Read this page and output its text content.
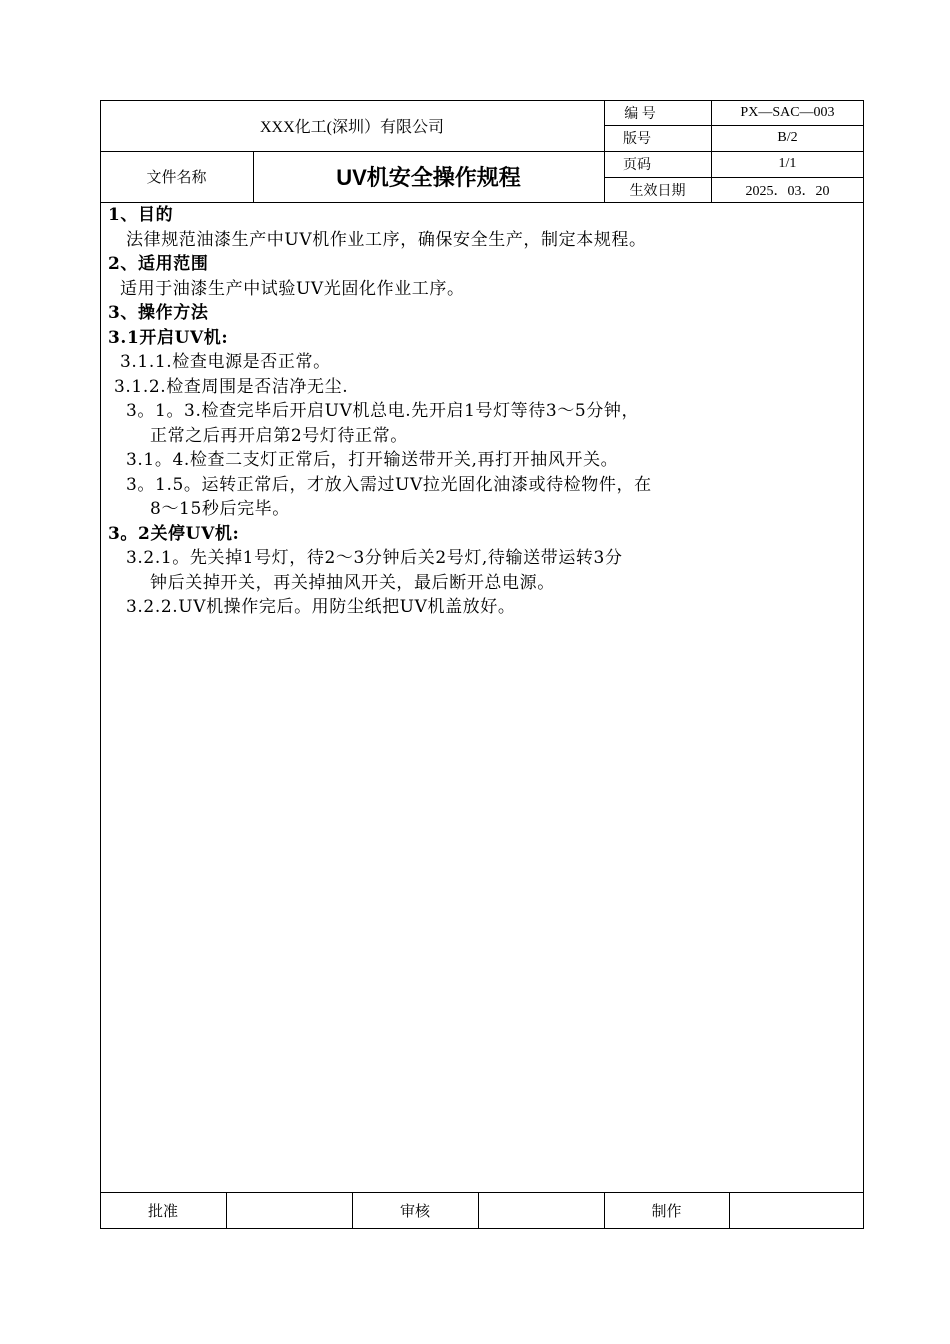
XXX化工(深圳）有限公司
文件名称	UV机安全操作规程
编 号	PX—SAC—003
版号	B/2
页码	1/1
生效日期	2025．03．20
1、目的
法律规范油漆生产中UV机作业工序，确保安全生产，制定本规程。
2、适用范围
适用于油漆生产中试验UV光固化作业工序。
3、操作方法
3.1开启UV机:
3.1.1.检查电源是否正常。
3.1.2.检查周围是否洁净无尘.
3。1。3.检查完毕后开启UV机总电.先开启1号灯等待3～5分钟，
正常之后再开启第2号灯待正常。
3.1。4.检查二支灯正常后，打开输送带开关,再打开抽风开关。
3。1.5。运转正常后，才放入需过UV拉光固化油漆或待检物件，在
8～15秒后完毕。
3。2关停UV机:
3.2.1。先关掉1号灯，待2～3分钟后关2号灯,待输送带运转3分
钟后关掉开关，再关掉抽风开关，最后断开总电源。
3.2.2.UV机操作完后。用防尘纸把UV机盖放好。
批准	审核	制作
